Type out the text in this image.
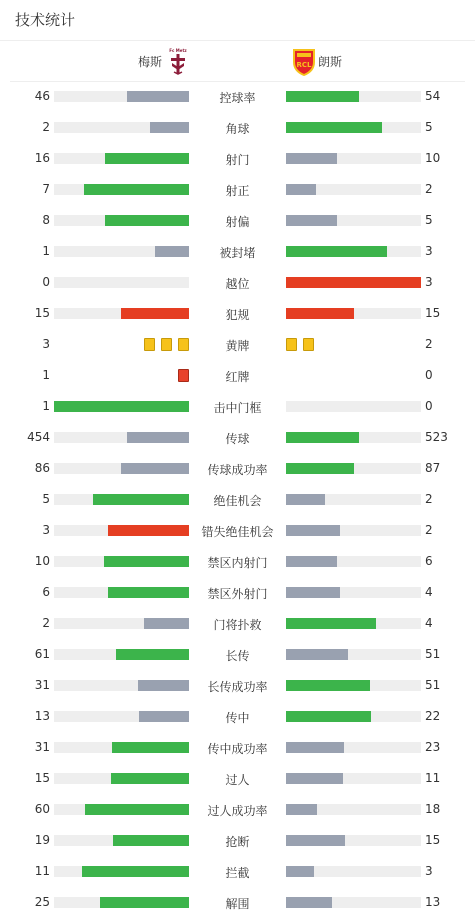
技术统计
梅斯
Fc Metz
RCL 朗斯
46	控球率	54
2	角球	5
16	射门	10
7	射正	2
8	射偏	5
1	被封堵	3
0	越位	3
15	犯规	15
3	黄牌	2
1	红牌	0
1	击中门框	0
454	传球	523
86	传球成功率	87
5	绝佳机会	2
3	错失绝佳机会	2
10	禁区内射门	6
6	禁区外射门	4
2	门将扑救	4
61	长传	51
31	长传成功率	51
13	传中	22
31	传中成功率	23
15	过人	11
60	过人成功率	18
19	抢断	15
11	拦截	3
25	解围	13
